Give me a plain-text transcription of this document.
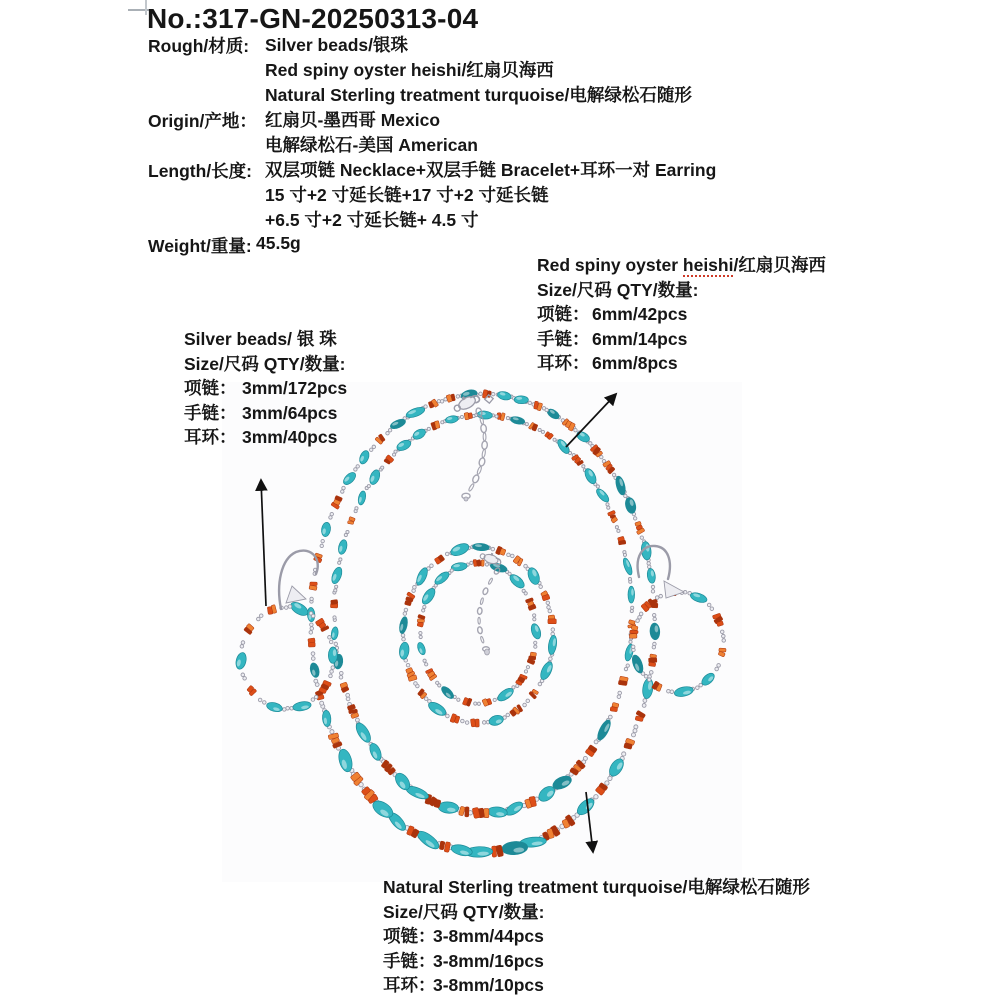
No.:317-GN-20250313-04
Rough/材质:
Origin/产地：
Length/长度:
Weight/重量:
Silver beads/银珠
Red spiny oyster heishi/红扇贝海西
Natural Sterling treatment turquoise/电解绿松石随形
红扇贝-墨西哥 Mexico
电解绿松石-美国 American
双层项链 Necklace+双层手链 Bracelet+耳环一对 Earring
15 寸+2 寸延长链+17 寸+2 寸延长链
+6.5 寸+2 寸延长链+ 4.5 寸
45.5g
Silver beads/ 银 珠
Size/尺码 QTY/数量:
项链： 3mm/172pcs
手链： 3mm/64pcs
耳环： 3mm/40pcs
Red spiny oyster heishi/红扇贝海西
Size/尺码 QTY/数量:
项链： 6mm/42pcs
手链： 6mm/14pcs
耳环： 6mm/8pcs
Natural Sterling treatment turquoise/电解绿松石随形
Size/尺码 QTY/数量:
项链：3-8mm/44pcs
手链：3-8mm/16pcs
耳环：3-8mm/10pcs
